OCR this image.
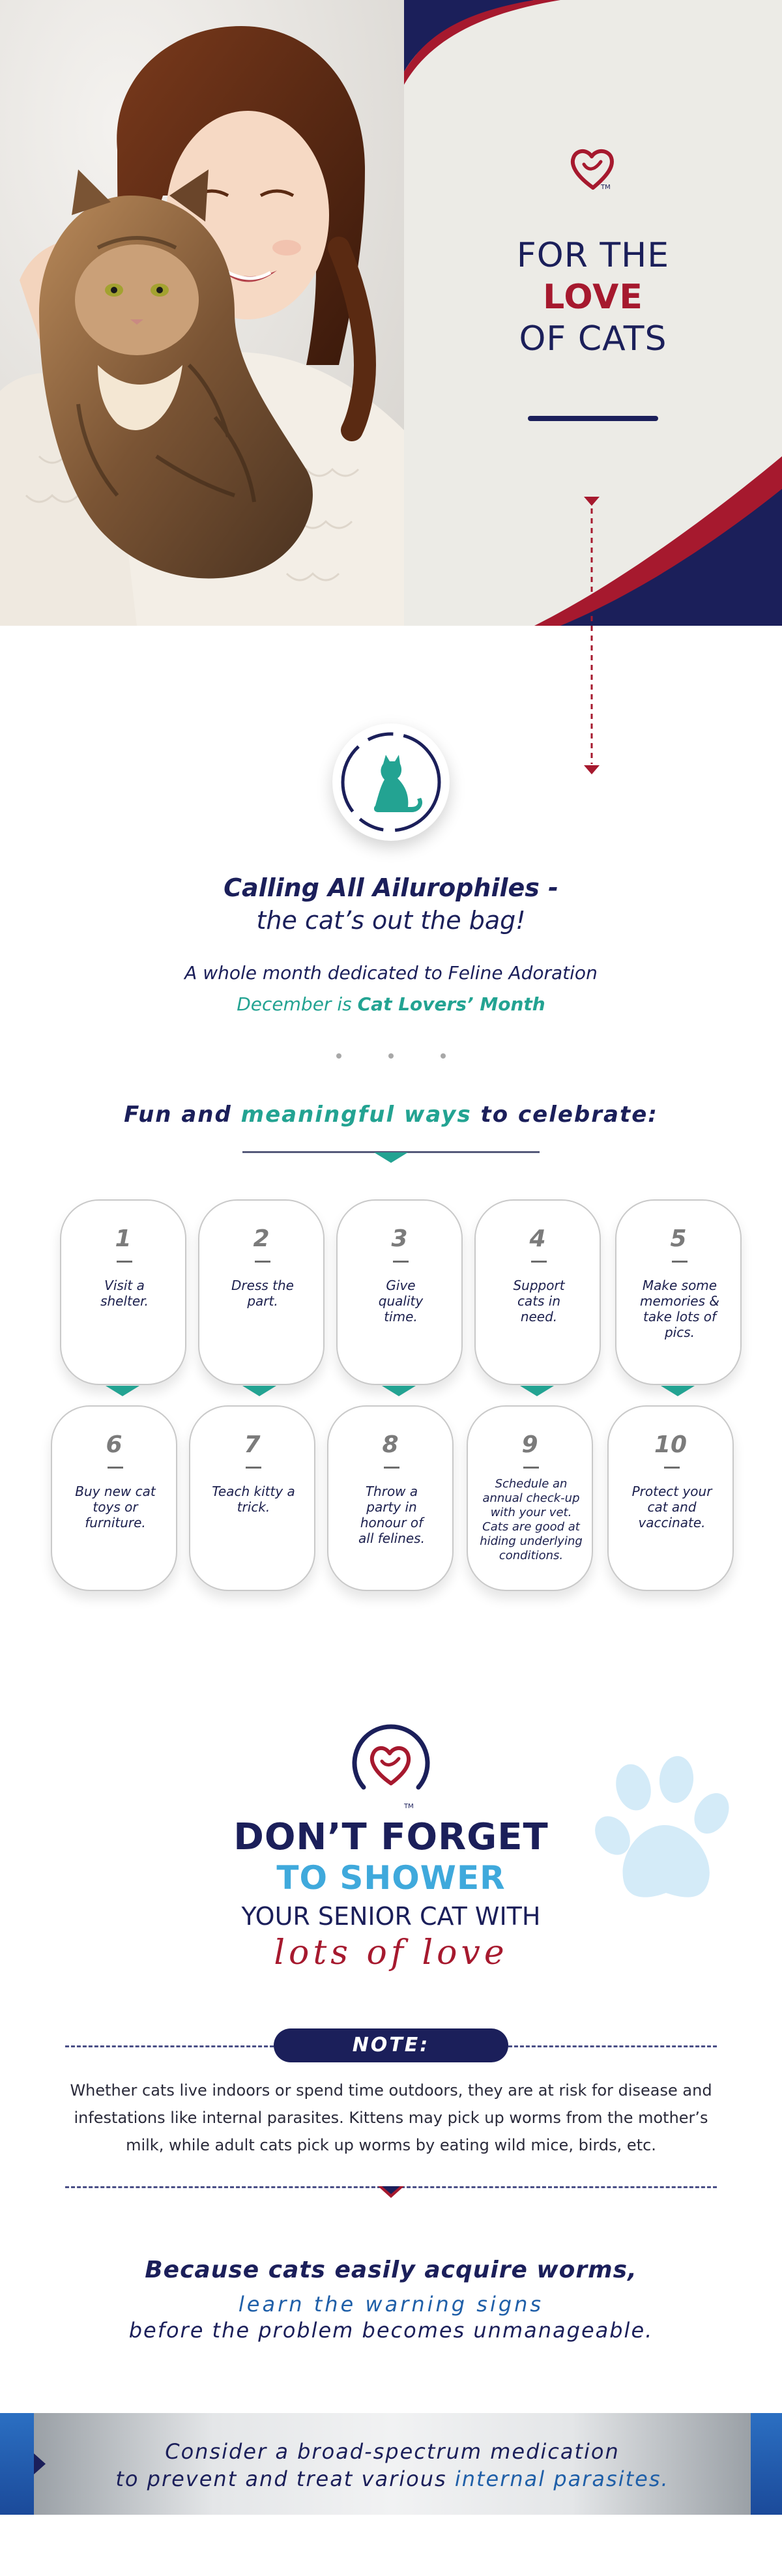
TM
FOR THE
LOVE
OF CATS
Calling All Ailurophiles -
the cat’s out the bag!
A whole month dedicated to Feline Adoration
December is Cat Lovers’ Month
Fun and meaningful ways to celebrate:
1
Visit a shelter.
2
Dress the part.
3
Give quality time.
4
Support cats in need.
5
Make some memories & take lots of pics.
6
Buy new cat toys or furniture.
7
Teach kitty a trick.
8
Throw a party in honour of all felines.
9
Schedule an annual check-up with your vet. Cats are good at hiding underlying conditions.
10
Protect your cat and vaccinate.
TM
DON’T FORGET
TO SHOWER
YOUR SENIOR CAT WITH
lots of love
NOTE:
Whether cats live indoors or spend time outdoors, they are at risk for disease and infestations like internal parasites. Kittens may pick up worms from the mother’s milk, while adult cats pick up worms by eating wild mice, birds, etc.
Because cats easily acquire worms,
learn the warning signs
before the problem becomes unmanageable.
Consider a broad-spectrum medication
to prevent and treat various internal parasites.
